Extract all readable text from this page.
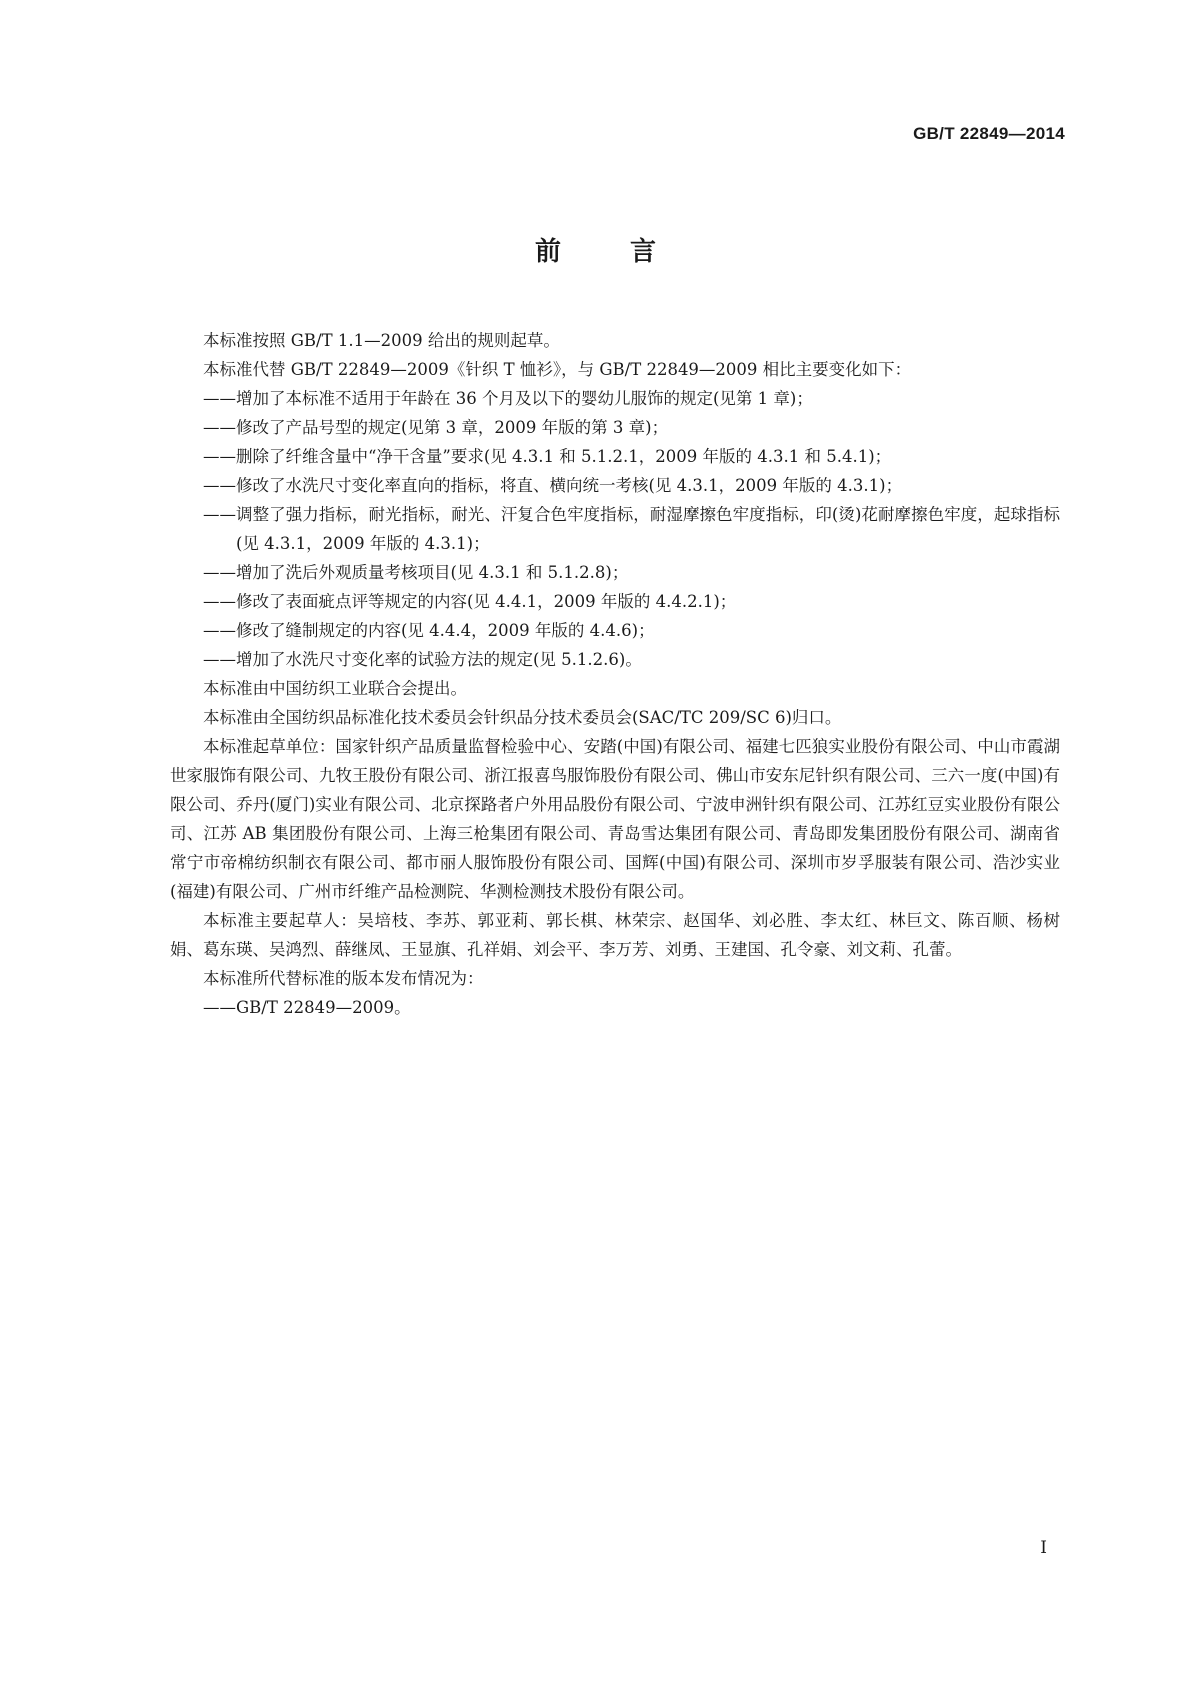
GB/T 22849—2014
前 言

本标准按照 GB/T 1.1—2009 给出的规则起草。

本标准代替 GB/T 22849—2009《针织 T 恤衫》，与 GB/T 22849—2009 相比主要变化如下：

——增加了本标准不适用于年龄在 36 个月及以下的婴幼儿服饰的规定(见第 1 章)；

——修改了产品号型的规定(见第 3 章，2009 年版的第 3 章)；

——删除了纤维含量中“净干含量”要求(见 4.3.1 和 5.1.2.1，2009 年版的 4.3.1 和 5.4.1)；

——修改了水洗尺寸变化率直向的指标，将直、横向统一考核(见 4.3.1，2009 年版的 4.3.1)；

——调整了强力指标，耐光指标，耐光、汗复合色牢度指标，耐湿摩擦色牢度指标，印(烫)花耐摩擦色牢度，起球指标(见 4.3.1，2009 年版的 4.3.1)；

——增加了洗后外观质量考核项目(见 4.3.1 和 5.1.2.8)；

——修改了表面疵点评等规定的内容(见 4.4.1，2009 年版的 4.4.2.1)；

——修改了缝制规定的内容(见 4.4.4，2009 年版的 4.4.6)；

——增加了水洗尺寸变化率的试验方法的规定(见 5.1.2.6)。

本标准由中国纺织工业联合会提出。

本标准由全国纺织品标准化技术委员会针织品分技术委员会(SAC/TC 209/SC 6)归口。

本标准起草单位：国家针织产品质量监督检验中心、安踏(中国)有限公司、福建七匹狼实业股份有限公司、中山市霞湖世家服饰有限公司、九牧王股份有限公司、浙江报喜鸟服饰股份有限公司、佛山市安东尼针织有限公司、三六一度(中国)有限公司、乔丹(厦门)实业有限公司、北京探路者户外用品股份有限公司、宁波申洲针织有限公司、江苏红豆实业股份有限公司、江苏 AB 集团股份有限公司、上海三枪集团有限公司、青岛雪达集团有限公司、青岛即发集团股份有限公司、湖南省常宁市帝棉纺织制衣有限公司、都市丽人服饰股份有限公司、国辉(中国)有限公司、深圳市岁孚服装有限公司、浩沙实业(福建)有限公司、广州市纤维产品检测院、华测检测技术股份有限公司。

本标准主要起草人：吴培枝、李苏、郭亚莉、郭长棋、林荣宗、赵国华、刘必胜、李太红、林巨文、陈百顺、杨树娟、葛东瑛、吴鸿烈、薛继凤、王显旗、孔祥娟、刘会平、李万芳、刘勇、王建国、孔令豪、刘文莉、孔蕾。

本标准所代替标准的版本发布情况为：

——GB/T 22849—2009。

I
